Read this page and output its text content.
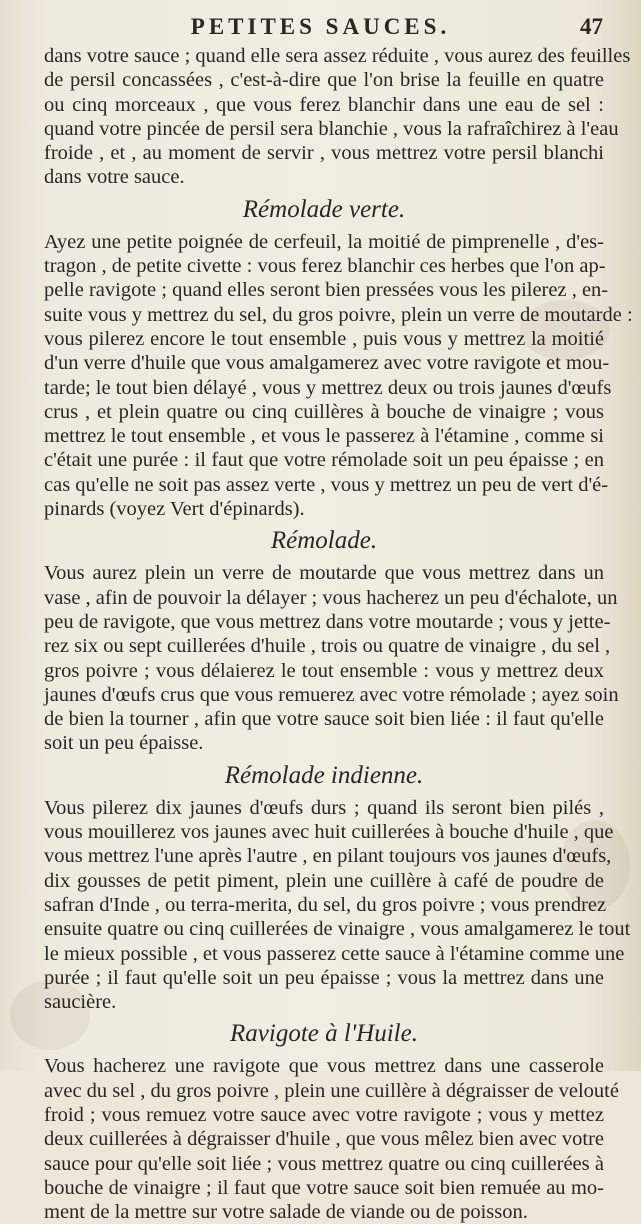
PETITES SAUCES.	47
dans votre sauce ; quand elle sera assez réduite , vous aurez des feuilles
de persil concassées , c'est-à-dire que l'on brise la feuille en quatre
ou cinq morceaux , que vous ferez blanchir dans une eau de sel :
quand votre pincée de persil sera blanchie , vous la rafraîchirez à l'eau
froide , et , au moment de servir , vous mettrez votre persil blanchi
dans votre sauce.
Rémolade verte.
Ayez une petite poignée de cerfeuil, la moitié de pimprenelle , d'es-
tragon , de petite civette : vous ferez blanchir ces herbes que l'on ap-
pelle ravigote ; quand elles seront bien pressées vous les pilerez , en-
suite vous y mettrez du sel, du gros poivre, plein un verre de moutarde :
vous pilerez encore le tout ensemble , puis vous y mettrez la moitié
d'un verre d'huile que vous amalgamerez avec votre ravigote et mou-
tarde; le tout bien délayé , vous y mettrez deux ou trois jaunes d'œufs
crus , et plein quatre ou cinq cuillères à bouche de vinaigre ; vous
mettrez le tout ensemble , et vous le passerez à l'étamine , comme si
c'était une purée : il faut que votre rémolade soit un peu épaisse ; en
cas qu'elle ne soit pas assez verte , vous y mettrez un peu de vert d'é-
pinards (voyez Vert d'épinards).
Rémolade.
Vous aurez plein un verre de moutarde que vous mettrez dans un
vase , afin de pouvoir la délayer ; vous hacherez un peu d'échalote, un
peu de ravigote, que vous mettrez dans votre moutarde ; vous y jette-
rez six ou sept cuillerées d'huile , trois ou quatre de vinaigre , du sel ,
gros poivre ; vous délaierez le tout ensemble : vous y mettrez deux
jaunes d'œufs crus que vous remuerez avec votre rémolade ; ayez soin
de bien la tourner , afin que votre sauce soit bien liée : il faut qu'elle
soit un peu épaisse.
Rémolade indienne.
Vous pilerez dix jaunes d'œufs durs ; quand ils seront bien pilés ,
vous mouillerez vos jaunes avec huit cuillerées à bouche d'huile , que
vous mettrez l'une après l'autre , en pilant toujours vos jaunes d'œufs,
dix gousses de petit piment, plein une cuillère à café de poudre de
safran d'Inde , ou terra-merita, du sel, du gros poivre ; vous prendrez
ensuite quatre ou cinq cuillerées de vinaigre , vous amalgamerez le tout
le mieux possible , et vous passerez cette sauce à l'étamine comme une
purée ; il faut qu'elle soit un peu épaisse ; vous la mettrez dans une
saucière.
Ravigote à l'Huile.
Vous hacherez une ravigote que vous mettrez dans une casserole
avec du sel , du gros poivre , plein une cuillère à dégraisser de velouté
froid ; vous remuez votre sauce avec votre ravigote ; vous y mettez
deux cuillerées à dégraisser d'huile , que vous mêlez bien avec votre
sauce pour qu'elle soit liée ; vous mettrez quatre ou cinq cuillerées à
bouche de vinaigre ; il faut que votre sauce soit bien remuée au mo-
ment de la mettre sur votre salade de viande ou de poisson.
